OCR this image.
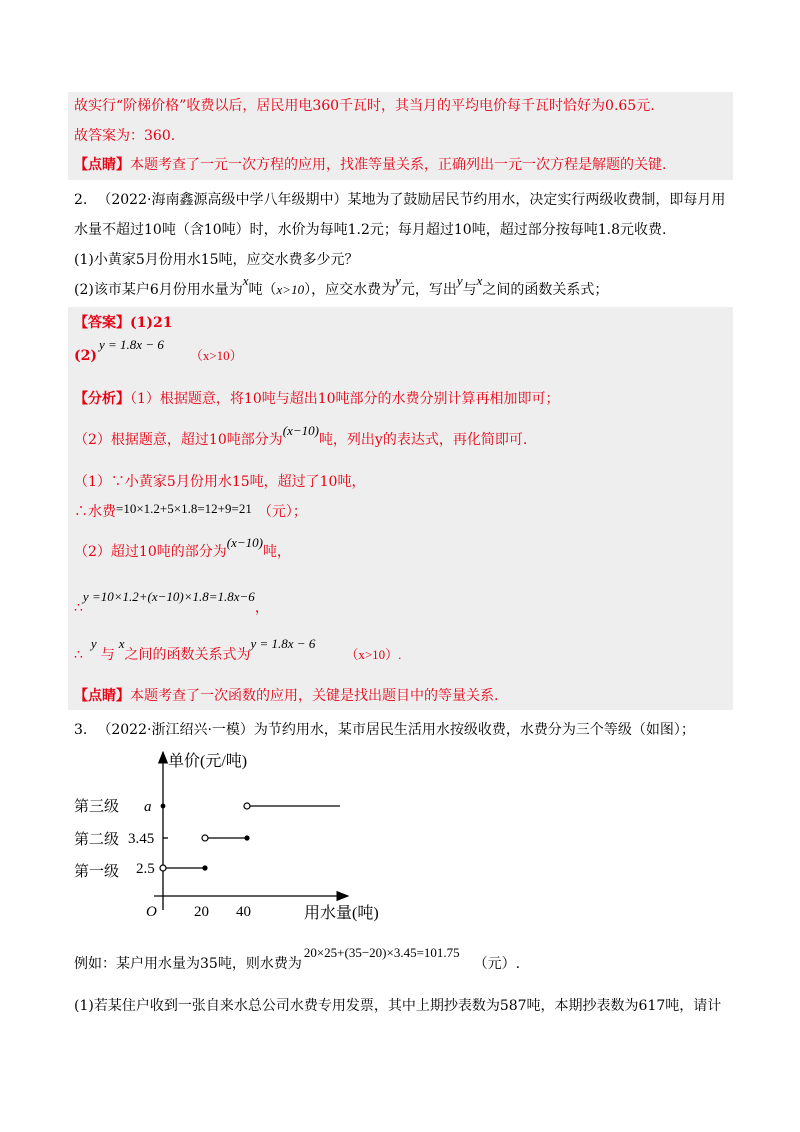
故实行“阶梯价格”收费以后，居民用电360千瓦时，其当月的平均电价每千瓦时恰好为0.65元.
故答案为：360.
【点睛】本题考查了一元一次方程的应用，找准等量关系，正确列出一元一次方程是解题的关键.
2. （2022·海南鑫源高级中学八年级期中）某地为了鼓励居民节约用水，决定实行两级收费制，即每月用
水量不超过10吨（含10吨）时，水价为每吨1.2元；每月超过10吨，超过部分按每吨1.8元收费.
(1)小黄家5月份用水15吨，应交水费多少元？
(2)该市某户6月份用水量为x吨（x>10），应交水费为y元，写出y与x之间的函数关系式；
【答案】(1)21
(2)y = 1.8x − 6（x>10）
【分析】（1）根据题意，将10吨与超出10吨部分的水费分别计算再相加即可；
（2）根据题意，超过10吨部分为(x−10)吨，列出y的表达式，再化简即可.
（1）∵小黄家5月份用水15吨，超过了10吨，
∴水费=10×1.2+5×1.8=12+9=21 （元）；
（2）超过10吨的部分为(x−10)吨，
∴y =10×1.2+(x−10)×1.8=1.8x−6，
∴y与x之间的函数关系式为y = 1.8x − 6（x>10）.
【点睛】本题考查了一次函数的应用，关键是找出题目中的等量关系.
3. （2022·浙江绍兴·一模）为节约用水，某市居民生活用水按级收费，水费分为三个等级（如图）；
单价(元/吨)
用水量(吨)
O 20 40
2.5
3.45
a
第一级
第二级
第三级
例如：某户用水量为35吨，则水费为20×25+(35−20)×3.45=101.75（元）.
(1)若某住户收到一张自来水总公司水费专用发票，其中上期抄表数为587吨，本期抄表数为617吨，请计
